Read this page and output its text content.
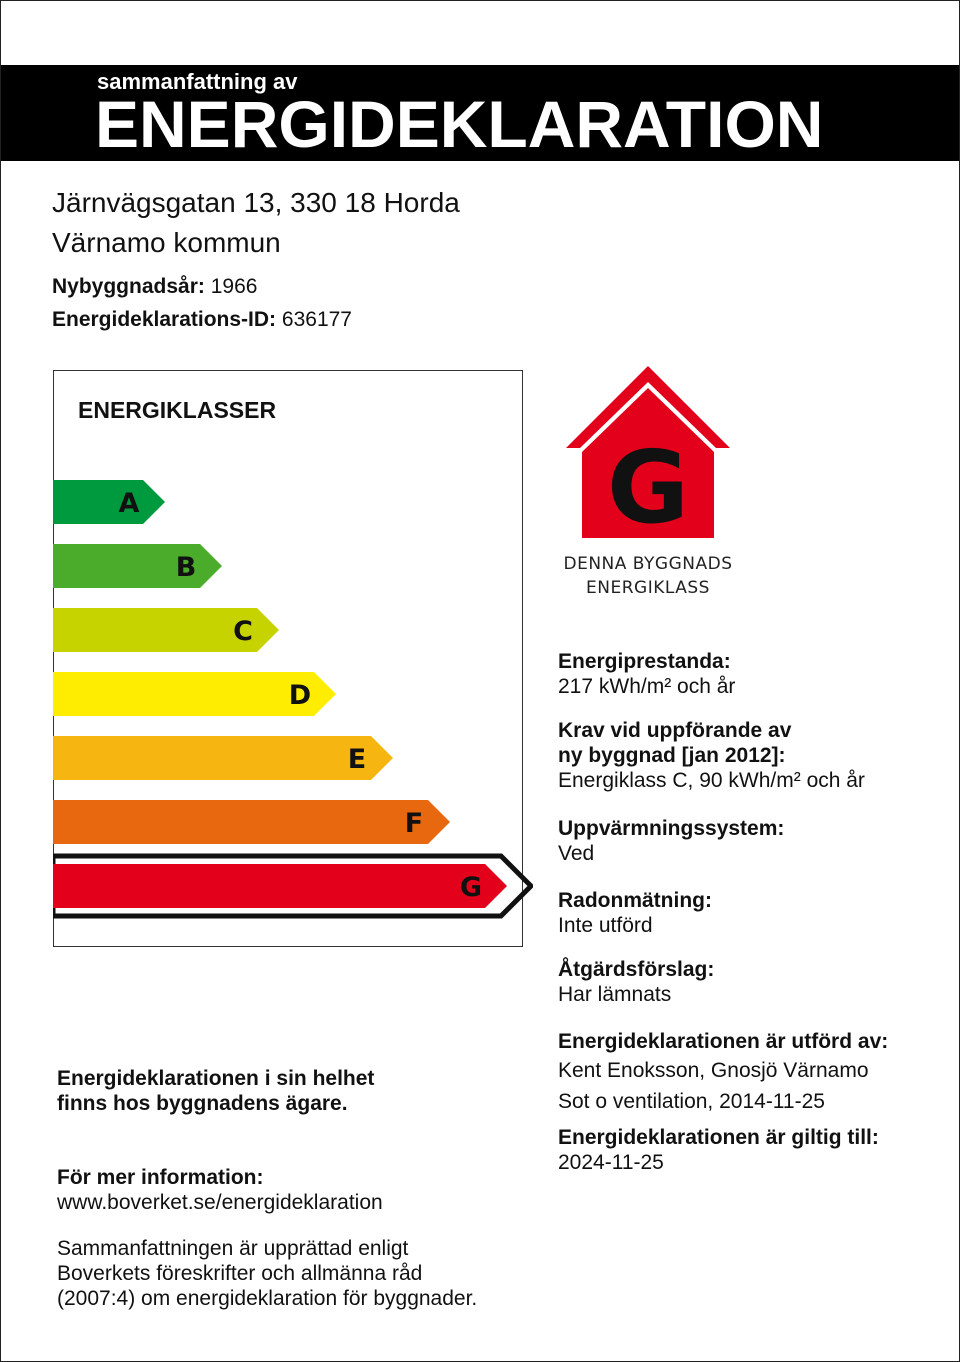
sammanfattning av
ENERGIDEKLARATION
Järnvägsgatan 13, 330 18 Horda
Värnamo kommun
Nybyggnadsår: 1966
Energideklarations-ID: 636177
ENERGIKLASSER
A
B
C
D
E
F
G
G
DENNA BYGGNADS
ENERGIKLASS
Energiprestanda:
217 kWh/m² och år
Krav vid uppförande av
ny byggnad [jan 2012]:
Energiklass C, 90 kWh/m² och år
Uppvärmningssystem:
Ved
Radonmätning:
Inte utförd
Åtgärdsförslag:
Har lämnats
Energideklarationen är utförd av:
Kent Enoksson, Gnosjö Värnamo
Sot o ventilation, 2014-11-25
Energideklarationen är giltig till:
2024-11-25
Energideklarationen i sin helhet
finns hos byggnadens ägare.
För mer information:
www.boverket.se/energideklaration
Sammanfattningen är upprättad enligt
Boverkets föreskrifter och allmänna råd
(2007:4) om energideklaration för byggnader.
